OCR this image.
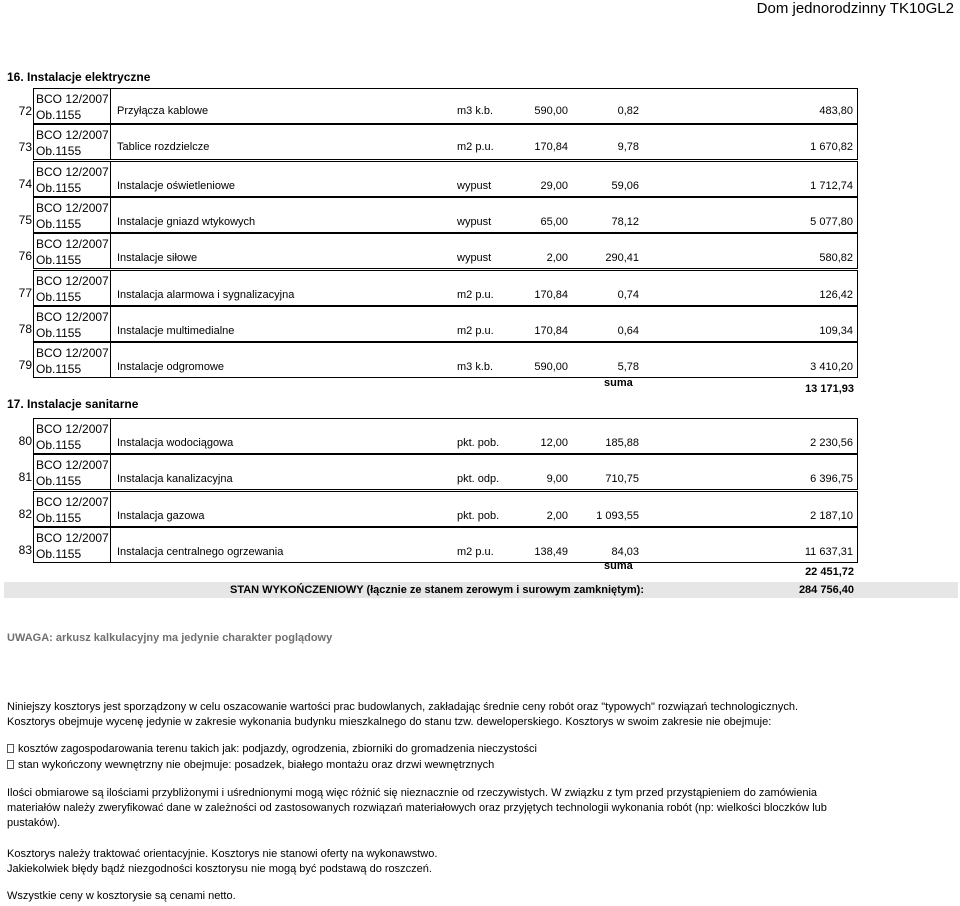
Dom jednorodzinny TK10GL2
16. Instalacje elektryczne
72
BCO 12/2007
Ob.1155	Przyłącza kablowe	m3 k.b.	590,00	0,82	483,80
73
BCO 12/2007
Ob.1155	Tablice rozdzielcze	m2 p.u.	170,84	9,78	1 670,82
74
BCO 12/2007
Ob.1155	Instalacje oświetleniowe	wypust	29,00	59,06	1 712,74
75
BCO 12/2007
Ob.1155	Instalacje gniazd wtykowych	wypust	65,00	78,12	5 077,80
76
BCO 12/2007
Ob.1155	Instalacje siłowe	wypust	2,00	290,41	580,82
77
BCO 12/2007
Ob.1155	Instalacja alarmowa i sygnalizacyjna	m2 p.u.	170,84	0,74	126,42
78
BCO 12/2007
Ob.1155	Instalacje multimedialne	m2 p.u.	170,84	0,64	109,34
79
BCO 12/2007
Ob.1155	Instalacje odgromowe	m3 k.b.	590,00	5,78	3 410,20
suma	13 171,93
17. Instalacje sanitarne
80
BCO 12/2007
Ob.1155	Instalacja wodociągowa	pkt. pob.	12,00	185,88	2 230,56
81
BCO 12/2007
Ob.1155	Instalacja kanalizacyjna	pkt. odp.	9,00	710,75	6 396,75
82
BCO 12/2007
Ob.1155	Instalacja gazowa	pkt. pob.	2,00	1 093,55	2 187,10
83
BCO 12/2007
Ob.1155	Instalacja centralnego ogrzewania	m2 p.u.	138,49	84,03	11 637,31
suma	22 451,72
STAN WYKOŃCZENIOWY (łącznie ze stanem zerowym i surowym zamkniętym):	284 756,40
UWAGA: arkusz kalkulacyjny ma jedynie charakter poglądowy
Niniejszy kosztorys jest sporządzony w celu oszacowanie wartości prac budowlanych, zakładając średnie ceny robót oraz "typowych" rozwiązań technologicznych.
Kosztorys obejmuje wycenę jedynie w zakresie wykonania budynku mieszkalnego do stanu tzw. deweloperskiego. Kosztorys w swoim zakresie nie obejmuje:
kosztów zagospodarowania terenu takich jak: podjazdy, ogrodzenia, zbiorniki do gromadzenia nieczystości
stan wykończony wewnętrzny nie obejmuje: posadzek, białego montażu oraz drzwi wewnętrznych
Ilości obmiarowe są ilościami przybliżonymi i uśrednionymi mogą więc różnić się nieznacznie od rzeczywistych. W związku z tym przed przystąpieniem do zamówienia
materiałów należy zweryfikować dane w zależności od zastosowanych rozwiązań materiałowych oraz przyjętych technologii wykonania robót (np: wielkości bloczków lub
pustaków).
Kosztorys należy traktować orientacyjnie. Kosztorys nie stanowi oferty na wykonawstwo.
Jakiekolwiek błędy bądź niezgodności kosztorysu nie mogą być podstawą do roszczeń.
Wszystkie ceny w kosztorysie są cenami netto.
